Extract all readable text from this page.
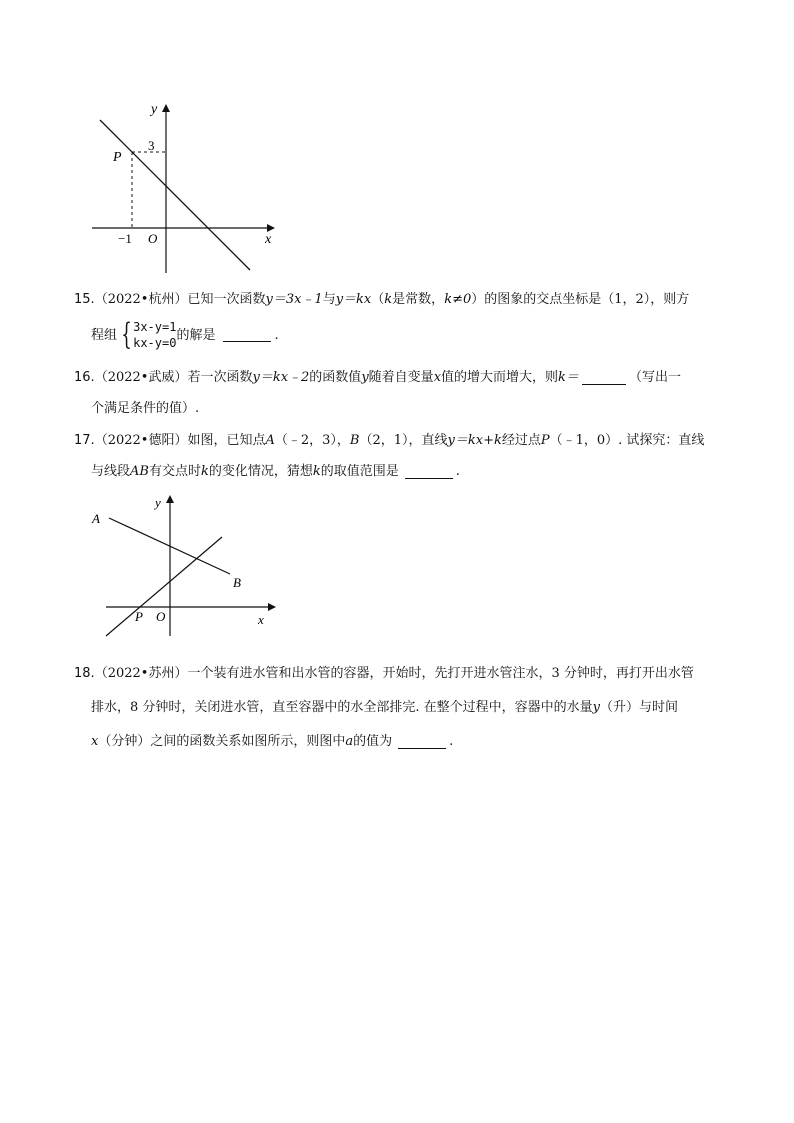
y
x
P
3
−1 O
15.（2022•杭州）已知一次函数y＝3x﹣1与y＝kx（k是常数，k≠0）的图象的交点坐标是（1，2），则方
程组 { 3x-y=1
kx-y=0
的解是	.
16.（2022•武威）若一次函数y＝kx﹣2的函数值y随着自变量x值的增大而增大，则k＝	（写出一
个满足条件的值）.
17.（2022•德阳）如图，已知点A（﹣2，3），B（2，1），直线y＝kx+k经过点P（﹣1，0）. 试探究：直线
与线段AB有交点时k的变化情况，猜想k的取值范围是	.
y
x
A
B
P O
18.（2022•苏州）一个装有进水管和出水管的容器，开始时，先打开进水管注水，3 分钟时，再打开出水管
排水，8 分钟时，关闭进水管，直至容器中的水全部排完. 在整个过程中，容器中的水量y（升）与时间
x（分钟）之间的函数关系如图所示，则图中a的值为	.
